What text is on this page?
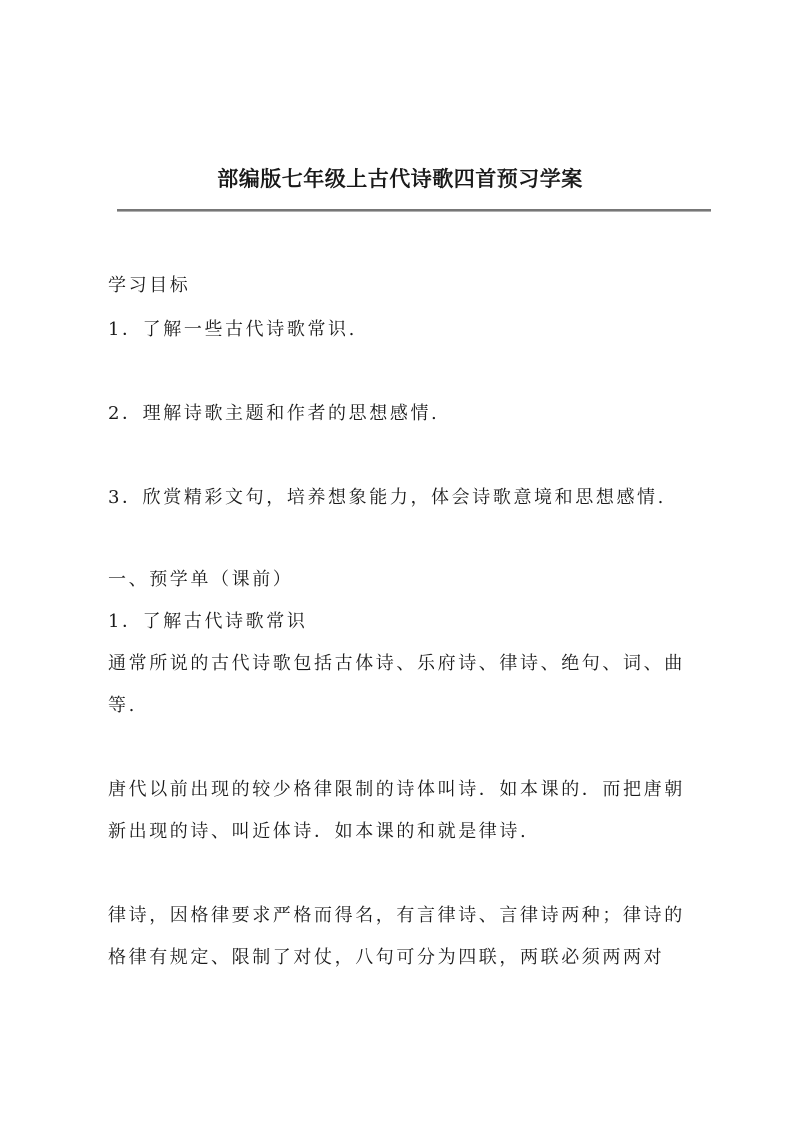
部编版七年级上古代诗歌四首预习学案
学习目标
1．了解一些古代诗歌常识.
2．理解诗歌主题和作者的思想感情.
3．欣赏精彩文句，培养想象能力，体会诗歌意境和思想感情.
一、预学单（课前）
1．了解古代诗歌常识
通常所说的古代诗歌包括古体诗、乐府诗、律诗、绝句、词、曲
等.
唐代以前出现的较少格律限制的诗体叫诗．如本课的．而把唐朝
新出现的诗、叫近体诗．如本课的和就是律诗.
律诗，因格律要求严格而得名，有言律诗、言律诗两种；律诗的
格律有规定、限制了对仗，八句可分为四联，两联必须两两对
